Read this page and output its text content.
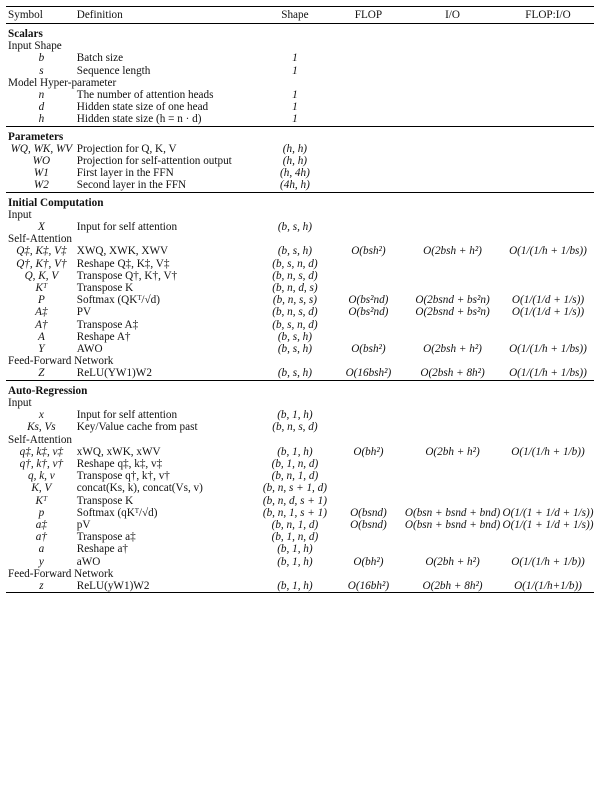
Symbol	Definition	Shape	FLOP	I/O	FLOP:I/O
Scalars					
Input Shape					
b	Batch size	1			
s	Sequence length	1			
Model Hyper-parameter					
n	The number of attention heads	1			
d	Hidden state size of one head	1			
h	Hidden state size (h = n · d)	1			
Parameters					
WQ, WK, WV	Projection for Q, K, V	(h, h)			
WO	Projection for self-attention output	(h, h)			
W1	First layer in the FFN	(h, 4h)			
W2	Second layer in the FFN	(4h, h)			
Initial Computation					
Input					
X	Input for self attention	(b, s, h)			
Self-Attention					
Q‡, K‡, V‡	XWQ, XWK, XWV	(b, s, h)	O(bsh²)	O(2bsh + h²)	O(1/(1/h + 1/bs))
Q†, K†, V†	Reshape Q‡, K‡, V‡	(b, s, n, d)			
Q, K, V	Transpose Q†, K†, V†	(b, n, s, d)			
Kᵀ	Transpose K	(b, n, d, s)			
P	Softmax (QKᵀ/√d)	(b, n, s, s)	O(bs²nd)	O(2bsnd + bs²n)	O(1/(1/d + 1/s))
A‡	PV	(b, n, s, d)	O(bs²nd)	O(2bsnd + bs²n)	O(1/(1/d + 1/s))
A†	Transpose A‡	(b, s, n, d)			
A	Reshape A†	(b, s, h)			
Y	AWO	(b, s, h)	O(bsh²)	O(2bsh + h²)	O(1/(1/h + 1/bs))
Feed-Forward Network					
Z	ReLU(YW1)W2	(b, s, h)	O(16bsh²)	O(2bsh + 8h²)	O(1/(1/h + 1/bs))
Auto-Regression					
Input					
x	Input for self attention	(b, 1, h)			
Ks, Vs	Key/Value cache from past	(b, n, s, d)			
Self-Attention					
q‡, k‡, v‡	xWQ, xWK, xWV	(b, 1, h)	O(bh²)	O(2bh + h²)	O(1/(1/h + 1/b))
q†, k†, v†	Reshape q‡, k‡, v‡	(b, 1, n, d)			
q, k, v	Transpose q†, k†, v†	(b, n, 1, d)			
K, V	concat(Ks, k), concat(Vs, v)	(b, n, s + 1, d)			
Kᵀ	Transpose K	(b, n, d, s + 1)			
p	Softmax (qKᵀ/√d)	(b, n, 1, s + 1)	O(bsnd)	O(bsn + bsnd + bnd)	O(1/(1 + 1/d + 1/s))
a‡	pV	(b, n, 1, d)	O(bsnd)	O(bsn + bsnd + bnd)	O(1/(1 + 1/d + 1/s))
a†	Transpose a‡	(b, 1, n, d)			
a	Reshape a†	(b, 1, h)			
y	aWO	(b, 1, h)	O(bh²)	O(2bh + h²)	O(1/(1/h + 1/b))
Feed-Forward Network					
z	ReLU(yW1)W2	(b, 1, h)	O(16bh²)	O(2bh + 8h²)	O(1/(1/h+1/b))
